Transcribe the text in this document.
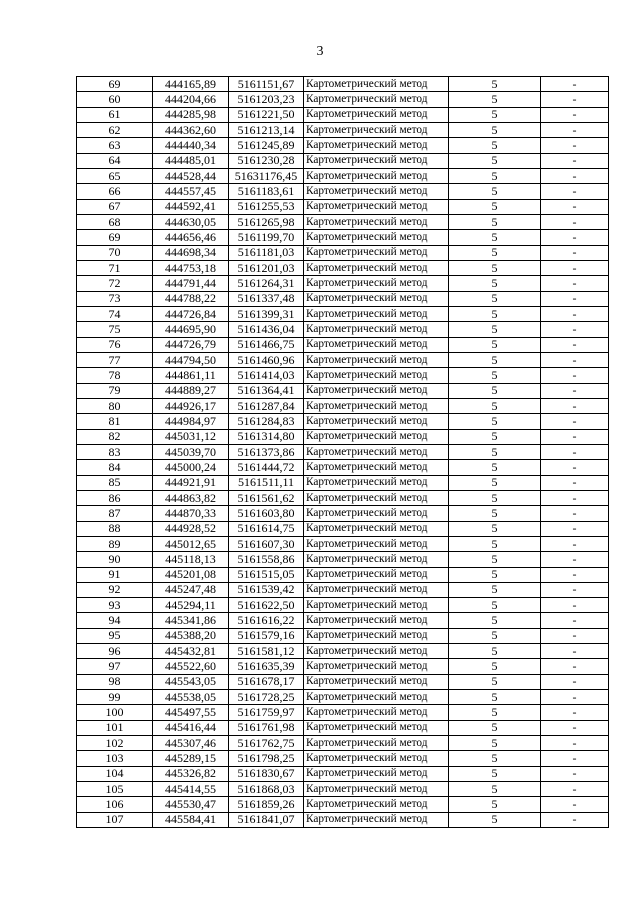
3
69	444165,89	5161151,67	Картометрический метод	5	-
60	444204,66	5161203,23	Картометрический метод	5	-
61	444285,98	5161221,50	Картометрический метод	5	-
62	444362,60	5161213,14	Картометрический метод	5	-
63	444440,34	5161245,89	Картометрический метод	5	-
64	444485,01	5161230,28	Картометрический метод	5	-
65	444528,44	51631176,45	Картометрический метод	5	-
66	444557,45	5161183,61	Картометрический метод	5	-
67	444592,41	5161255,53	Картометрический метод	5	-
68	444630,05	5161265,98	Картометрический метод	5	-
69	444656,46	5161199,70	Картометрический метод	5	-
70	444698,34	5161181,03	Картометрический метод	5	-
71	444753,18	5161201,03	Картометрический метод	5	-
72	444791,44	5161264,31	Картометрический метод	5	-
73	444788,22	5161337,48	Картометрический метод	5	-
74	444726,84	5161399,31	Картометрический метод	5	-
75	444695,90	5161436,04	Картометрический метод	5	-
76	444726,79	5161466,75	Картометрический метод	5	-
77	444794,50	5161460,96	Картометрический метод	5	-
78	444861,11	5161414,03	Картометрический метод	5	-
79	444889,27	5161364,41	Картометрический метод	5	-
80	444926,17	5161287,84	Картометрический метод	5	-
81	444984,97	5161284,83	Картометрический метод	5	-
82	445031,12	5161314,80	Картометрический метод	5	-
83	445039,70	5161373,86	Картометрический метод	5	-
84	445000,24	5161444,72	Картометрический метод	5	-
85	444921,91	5161511,11	Картометрический метод	5	-
86	444863,82	5161561,62	Картометрический метод	5	-
87	444870,33	5161603,80	Картометрический метод	5	-
88	444928,52	5161614,75	Картометрический метод	5	-
89	445012,65	5161607,30	Картометрический метод	5	-
90	445118,13	5161558,86	Картометрический метод	5	-
91	445201,08	5161515,05	Картометрический метод	5	-
92	445247,48	5161539,42	Картометрический метод	5	-
93	445294,11	5161622,50	Картометрический метод	5	-
94	445341,86	5161616,22	Картометрический метод	5	-
95	445388,20	5161579,16	Картометрический метод	5	-
96	445432,81	5161581,12	Картометрический метод	5	-
97	445522,60	5161635,39	Картометрический метод	5	-
98	445543,05	5161678,17	Картометрический метод	5	-
99	445538,05	5161728,25	Картометрический метод	5	-
100	445497,55	5161759,97	Картометрический метод	5	-
101	445416,44	5161761,98	Картометрический метод	5	-
102	445307,46	5161762,75	Картометрический метод	5	-
103	445289,15	5161798,25	Картометрический метод	5	-
104	445326,82	5161830,67	Картометрический метод	5	-
105	445414,55	5161868,03	Картометрический метод	5	-
106	445530,47	5161859,26	Картометрический метод	5	-
107	445584,41	5161841,07	Картометрический метод	5	-
